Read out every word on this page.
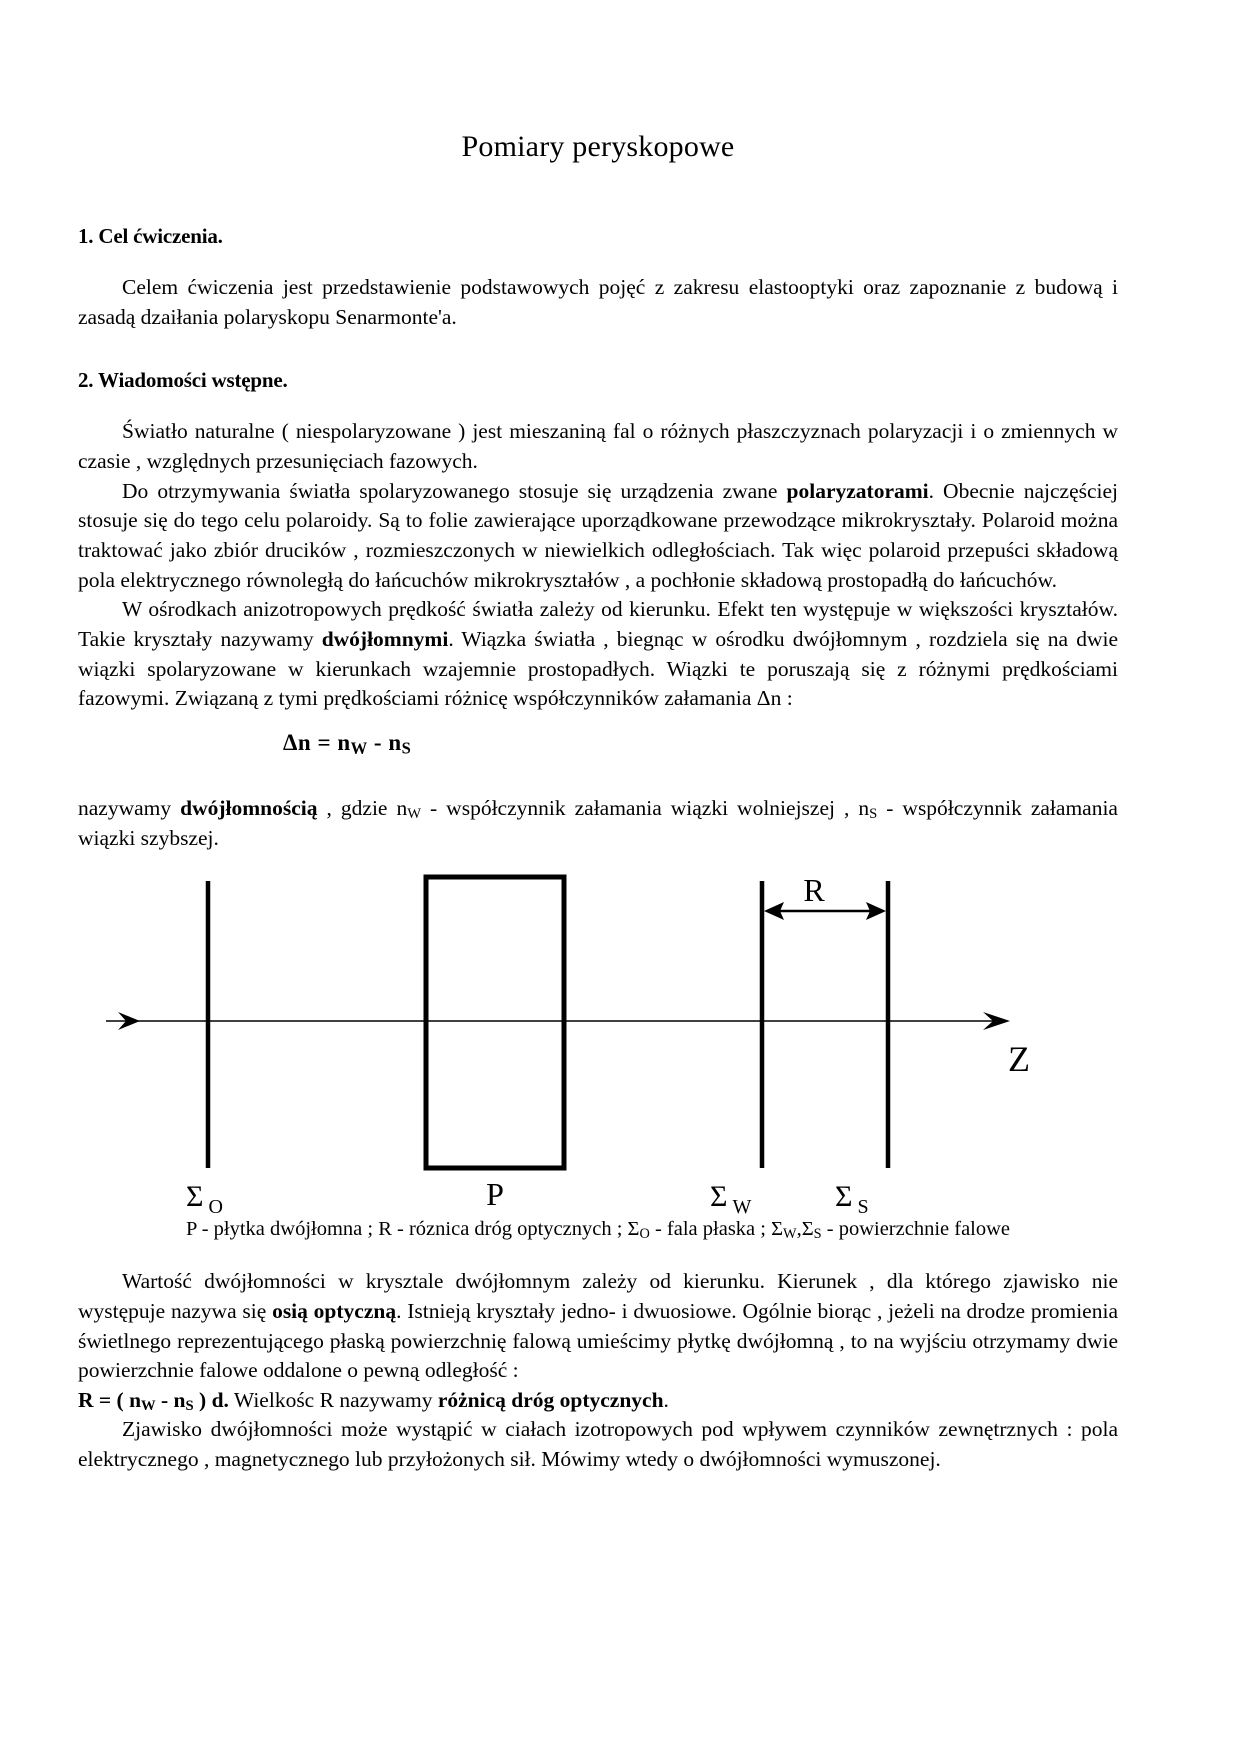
Pomiary peryskopowe
1. Cel ćwiczenia.

Celem ćwiczenia jest przedstawienie podstawowych pojęć z zakresu elastooptyki oraz zapoznanie z budową i zasadą dzaiłania polaryskopu Senarmonte'a.

2. Wiadomości wstępne.

Światło naturalne ( niespolaryzowane ) jest mieszaniną fal o różnych płaszczyznach polaryzacji i o zmiennych w czasie , względnych przesunięciach fazowych.

Do otrzymywania światła spolaryzowanego stosuje się urządzenia zwane polaryzatorami. Obecnie najczęściej stosuje się do tego celu polaroidy. Są to folie zawierające uporządkowane przewodzące mikrokryształy. Polaroid można traktować jako zbiór drucików , rozmieszczonych w niewielkich odległościach. Tak więc polaroid przepuści składową pola elektrycznego równoległą do łańcuchów mikrokryształów , a pochłonie składową prostopadłą do łańcuchów.

W ośrodkach anizotropowych prędkość światła zależy od kierunku. Efekt ten występuje w większości kryształów. Takie kryształy nazywamy dwójłomnymi. Wiązka światła , biegnąc w ośrodku dwójłomnym , rozdziela się na dwie wiązki spolaryzowane w kierunkach wzajemnie prostopadłych. Wiązki te poruszają się z różnymi prędkościami fazowymi. Związaną z tymi prędkościami różnicę współczynników załamania Δn :

$\Delta n = n_W - n_S$

nazywamy dwójłomnością , gdzie $n_W$ - współczynnik załamania wiązki wolniejszej , $n_S$ - współczynnik załamania wiązki szybszej.

Z
R
P
Σ $_O$	Σ $_W$	Σ $_S$

P - płytka dwójłomna ; R - róznica dróg optycznych ; $\Sigma_O$ - fala płaska ; $\Sigma_W,\Sigma_S$ - powierzchnie falowe

Wartość dwójłomności w krysztale dwójłomnym zależy od kierunku. Kierunek , dla którego zjawisko nie występuje nazywa się osią optyczną. Istnieją kryształy jedno- i dwuosiowe. Ogólnie biorąc , jeżeli na drodze promienia świetlnego reprezentującego płaską powierzchnię falową umieścimy płytkę dwójłomną , to na wyjściu otrzymamy dwie powierzchnie falowe oddalone o pewną odległość :

R = ( $n_W - n_S$ ) d. Wielkośc R nazywamy różnicą dróg optycznych.

Zjawisko dwójłomności może wystąpić w ciałach izotropowych pod wpływem czynników zewnętrznych : pola elektrycznego , magnetycznego lub przyłożonych sił. Mówimy wtedy o dwójłomności wymuszonej.
